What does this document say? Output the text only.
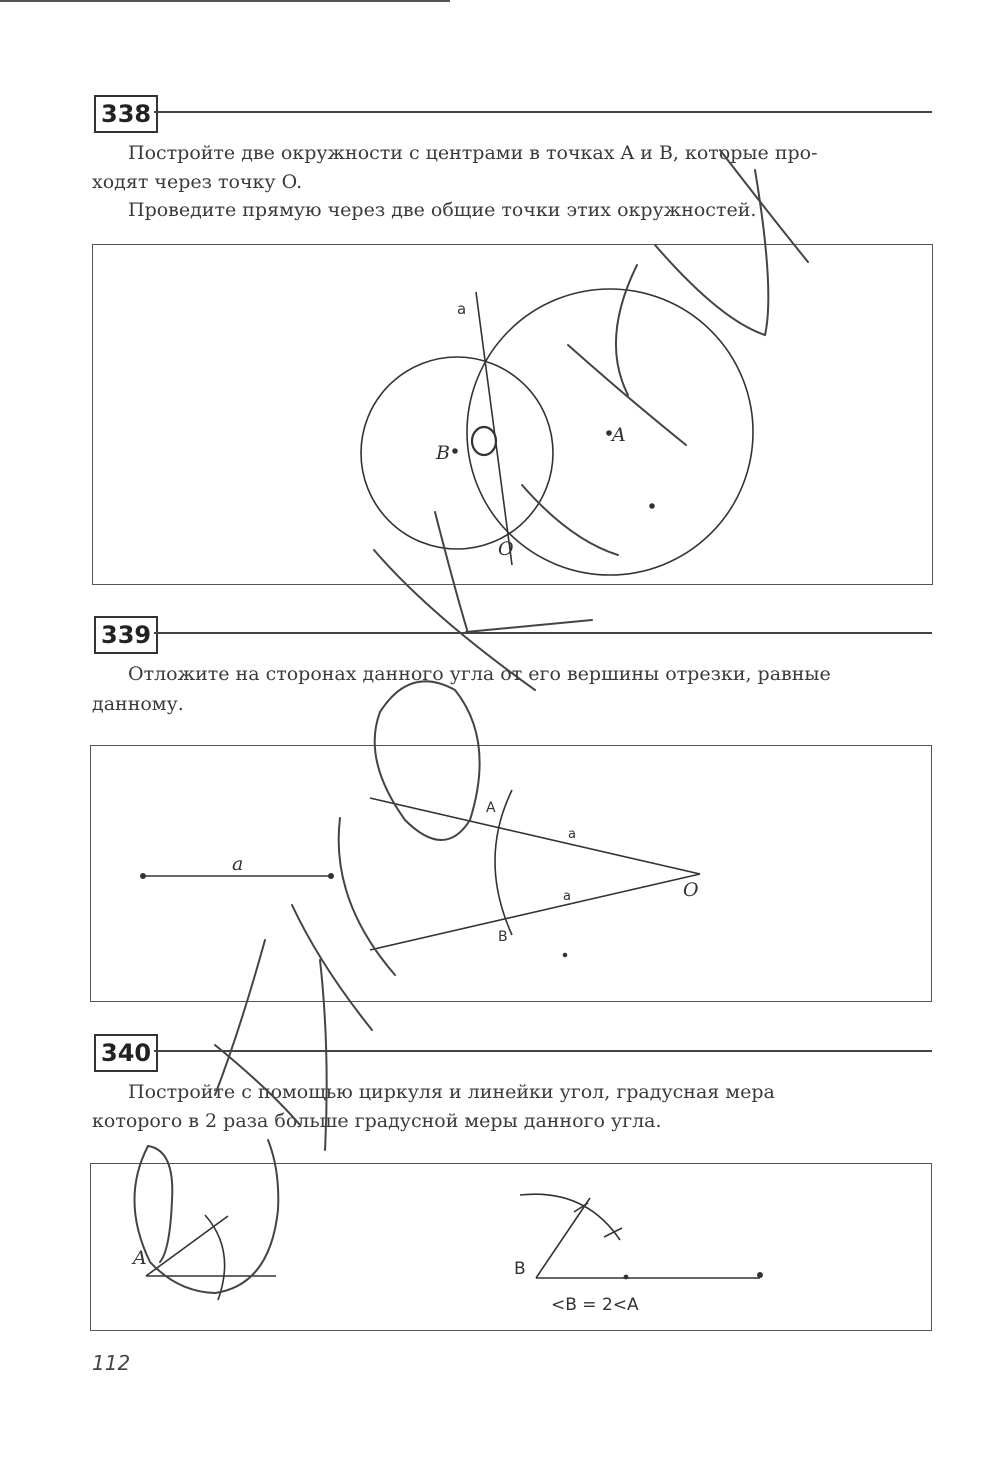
338

Постройте две окружности с центрами в точках A и B, которые про-

ходят через точку O.

Проведите прямую через две общие точки этих окружностей.

339

Отложите на сторонах данного угла от его вершины отрезки, равные

данному.

340

Постройте с помощью циркуля и линейки угол, градусная мера

которого в 2 раза больше градусной меры данного угла.

112
a
B
O
A
a
O
A
B
a
a
A	B
<B = 2<A
